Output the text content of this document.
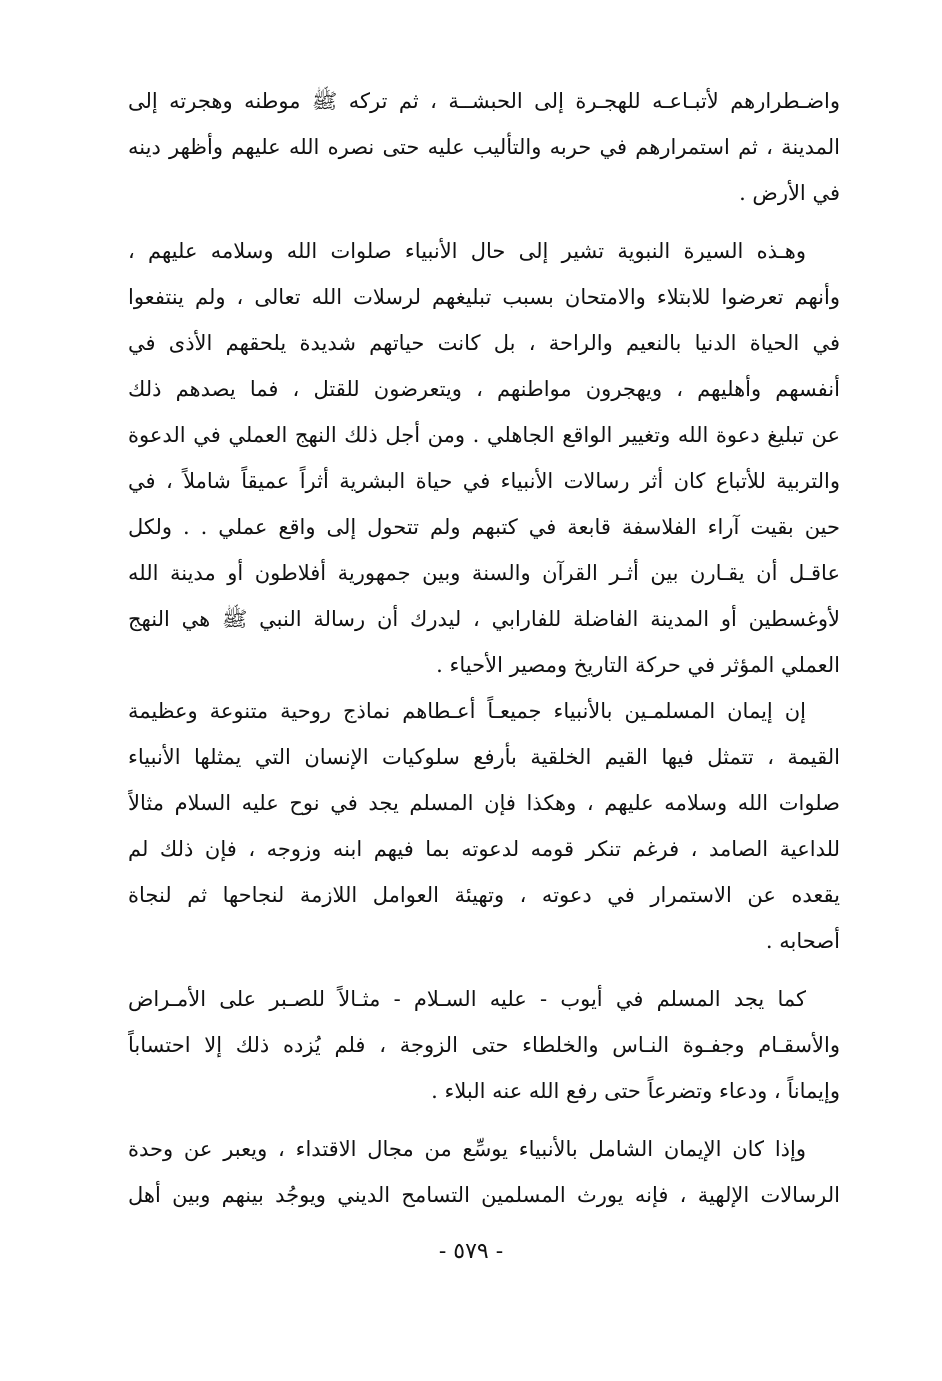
واضـطرارهم لأتبـاعـه للهجـرة إلى الحبشــة ، ثم تركه ﷺ موطنه وهجرته إلى
المدينة ، ثم استمرارهم في حربه والتأليب عليه حتى نصره الله عليهم وأظهر دينه
في الأرض .
وهـذه السيرة النبوية تشير إلى حال الأنبياء صلوات الله وسلامه عليهم ،
وأنهم تعرضوا للابتلاء والامتحان بسبب تبليغهم لرسلات الله تعالى ، ولم ينتفعوا
في الحياة الدنيا بالنعيم والراحة ، بل كانت حياتهم شديدة يلحقهم الأذى في
أنفسهم وأهليهم ، ويهجرون مواطنهم ، ويتعرضون للقتل ، فما يصدهم ذلك
عن تبليغ دعوة الله وتغيير الواقع الجاهلي . ومن أجل ذلك النهج العملي في الدعوة
والتربية للأتباع كان أثر رسالات الأنبياء في حياة البشرية أثراً عميقاً شاملاً ، في
حين بقيت آراء الفلاسفة قابعة في كتبهم ولم تتحول إلى واقع عملي . . ولكل
عاقـل أن يقـارن بين أثـر القرآن والسنة وبين جمهورية أفلاطون أو مدينة الله
لأوغسطين أو المدينة الفاضلة للفارابي ، ليدرك أن رسالة النبي ﷺ هي النهج
العملي المؤثر في حركة التاريخ ومصير الأحياء .
إن إيمان المسلمـين بالأنبياء جميعـاً أعـطاهم نماذج روحية متنوعة وعظيمة
القيمة ، تتمثل فيها القيم الخلقية بأرفع سلوكيات الإنسان التي يمثلها الأنبياء
صلوات الله وسلامه عليهم ، وهكذا فإن المسلم يجد في نوح عليه السلام مثالاً
للداعية الصامد ، فرغم تنكر قومه لدعوته بما فيهم ابنه وزوجه ، فإن ذلك لم
يقعده عن الاستمرار في دعوته ، وتهيئة العوامل اللازمة لنجاحها ثم لنجاة
أصحابه .
كما يجد المسلم في أيوب - عليه السـلام - مثـالاً للصـبر على الأمـراض
والأسقـام وجفـوة النـاس والخلطاء حتى الزوجة ، فلم يُزده ذلك إلا احتساباً
وإيماناً ، ودعاء وتضرعاً حتى رفع الله عنه البلاء .
وإذا كان الإيمان الشامل بالأنبياء يوسِّع من مجال الاقتداء ، ويعبر عن وحدة
الرسالات الإلهية ، فإنه يورث المسلمين التسامح الديني ويوجُد بينهم وبين أهل
- ٥٧٩ -
